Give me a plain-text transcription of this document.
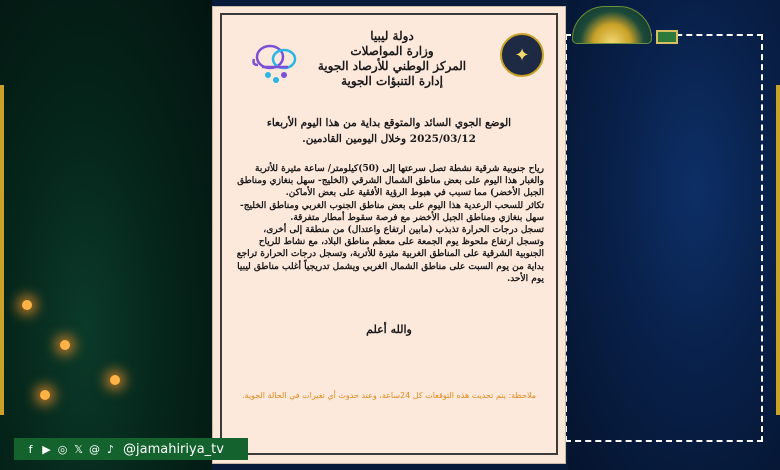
✦
دولة ليبيا
وزارة المواصلات
المركز الوطني للأرصاد الجوية
إدارة التنبؤات الجوية
الوضع الجوي السائد والمتوقع بداية من هذا اليوم الأربعاء
2025/03/12 وخلال اليومين القادمين.

رياح جنوبية شرقية نشطة تصل سرعتها إلى (50)كيلومتر/ ساعة مثيرة للأتربة والغبار هذا اليوم على بعض مناطق الشمال الشرقي (الخليج- سهل بنغازي ومناطق الجبل الأخضر) مما تسبب في هبوط الرؤية الأفقية على بعض الأماكن.

تكاثر للسحب الرعدية هذا اليوم على بعض مناطق الجنوب الغربي ومناطق الخليج- سهل بنغازي ومناطق الجبل الأخضر مع فرصة سقوط أمطار متفرقة.

تسجل درجات الحرارة تذبذب (مابين ارتفاع واعتدال) من منطقة إلى أخرى، وتسجل ارتفاع ملحوظ يوم الجمعة على معظم مناطق البلاد، مع نشاط للرياح الجنوبية الشرقية على المناطق الغربية مثيرة للأتربة، وتسجل درجات الحرارة تراجع بداية من يوم السبت على مناطق الشمال الغربي ويشمل تدريجياً أغلب مناطق ليبيا يوم الأحد.

والله أعلم
ملاحظة: يتم تحديث هذه التوقعات كل 24ساعة، وعند حدوث أي تغيرات في الحالة الجوية.
f ▶ ◎ 𝕏 @ ♪ @jamahiriya_tv
